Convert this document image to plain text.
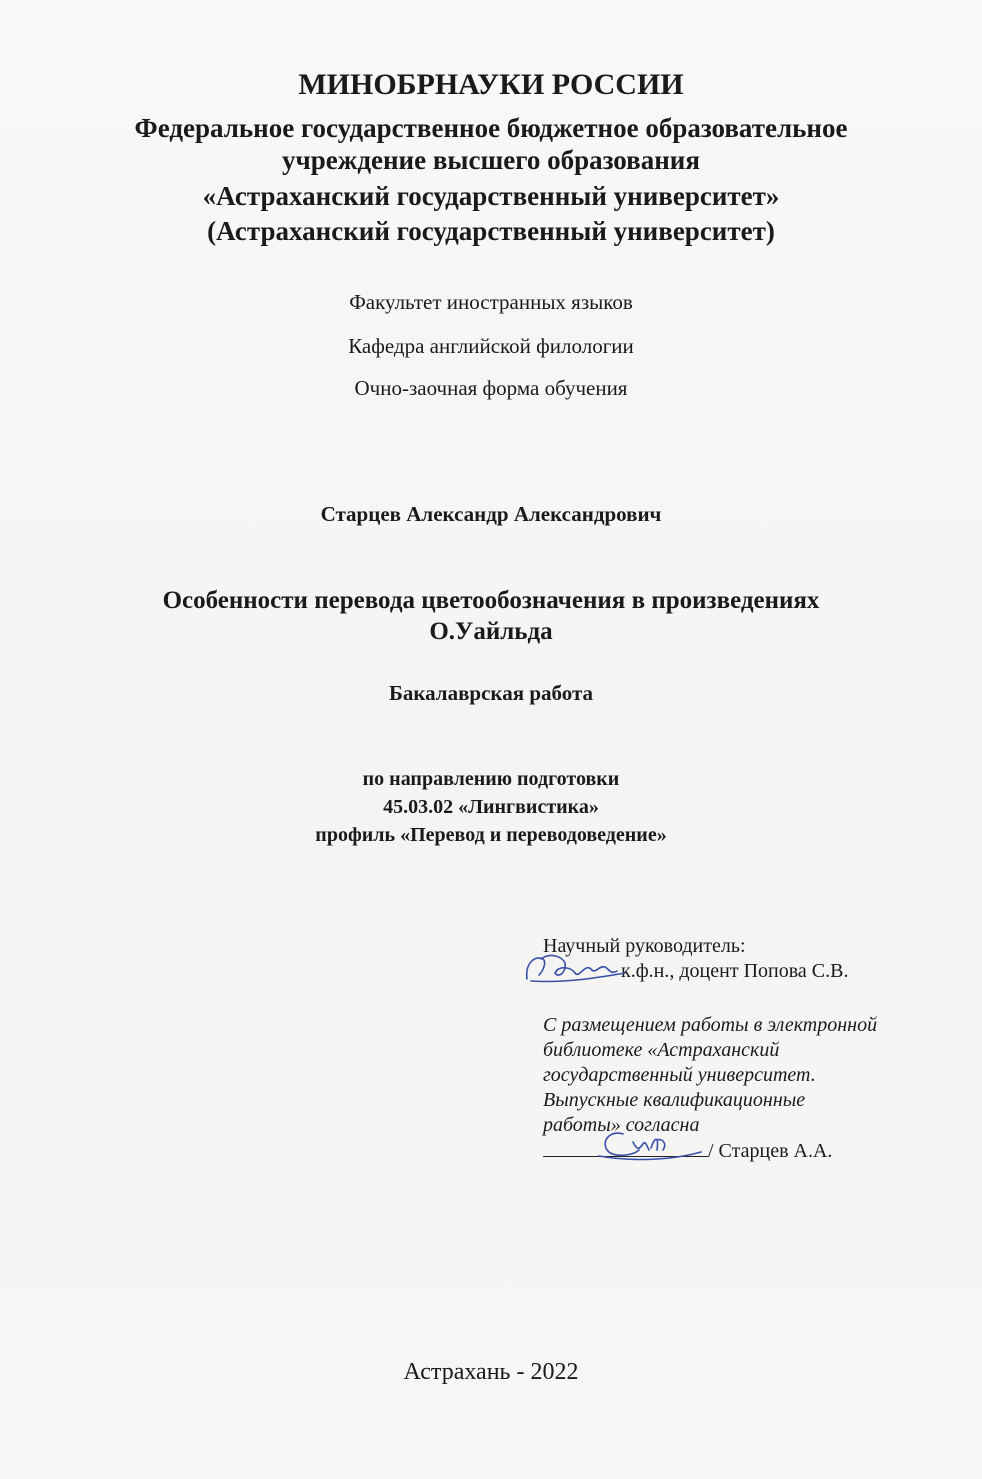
МИНОБРНАУКИ РОССИИ
Федеральное государственное бюджетное образовательное
учреждение высшего образования
«Астраханский государственный университет»
(Астраханский государственный университет)
Факультет иностранных языков
Кафедра английской филологии
Очно-заочная форма обучения
Старцев Александр Александрович
Особенности перевода цветообозначения в произведениях
О.Уайльда
Бакалаврская работа
по направлению подготовки
45.03.02 «Лингвистика»
профиль «Перевод и переводоведение»
Научный руководитель:
к.ф.н., доцент Попова С.В.
С размещением работы в электронной
библиотеке «Астраханский
государственный университет.
Выпускные квалификационные
работы» согласна
/ Старцев А.А.
Астрахань - 2022
